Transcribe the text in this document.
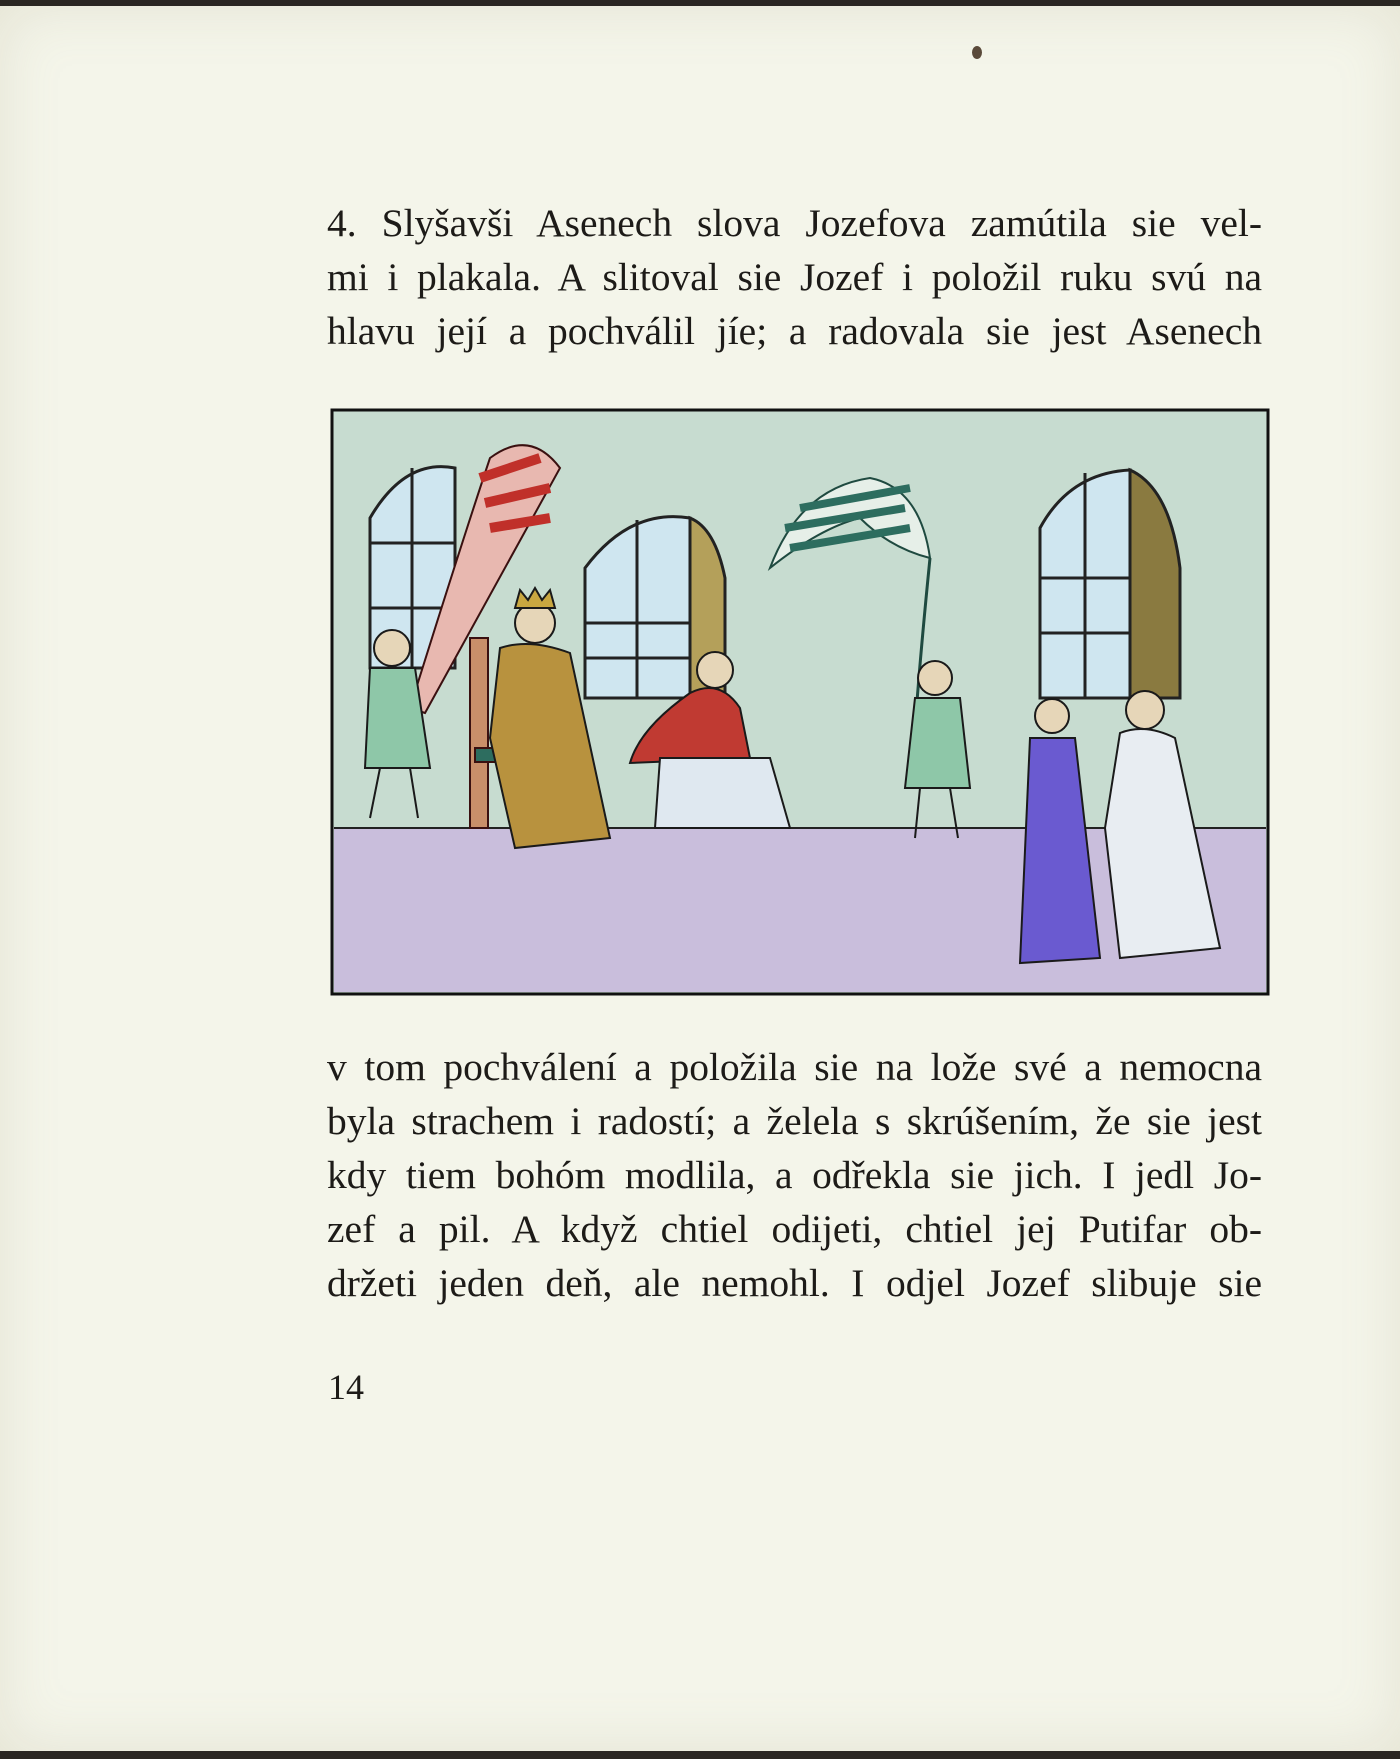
4. Slyšavši Asenech slova Jozefova zamútila sie vel-
mi i plakala. A slitoval sie Jozef i položil ruku svú na
hlavu její a pochválil jíe; a radovala sie jest Asenech
v tom pochválení a položila sie na lože své a nemocna
byla strachem i radostí; a želela s skrúšením, že sie jest
kdy tiem bohóm modlila, a odřekla sie jich. I jedl Jo-
zef a pil. A když chtiel odijeti, chtiel jej Putifar ob-
držeti jeden deň, ale nemohl. I odjel Jozef slibuje sie
14
